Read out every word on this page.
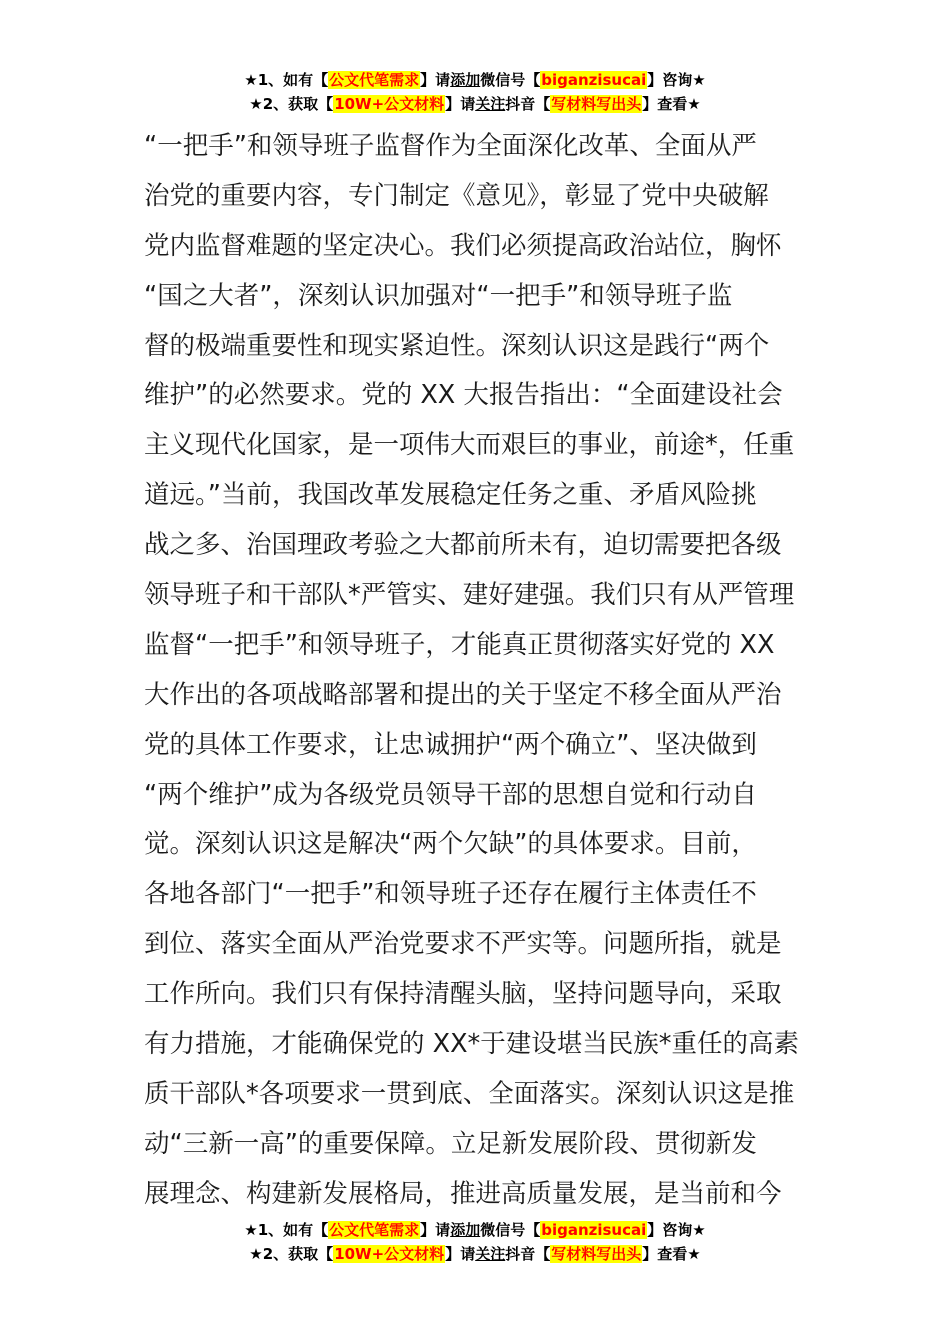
★1、如有【公文代笔需求】请添加微信号【biganzisucai】咨询★
★2、获取【10W+公文材料】请关注抖音【写材料写出头】查看★
“一把手”和领导班子监督作为全面深化改革、全面从严
治党的重要内容，专门制定《意见》，彰显了党中央破解
党内监督难题的坚定决心。我们必须提高政治站位，胸怀
“国之大者”，深刻认识加强对“一把手”和领导班子监
督的极端重要性和现实紧迫性。深刻认识这是践行“两个
维护”的必然要求。党的 XX 大报告指出：“全面建设社会
主义现代化国家，是一项伟大而艰巨的事业，前途*，任重
道远。”当前，我国改革发展稳定任务之重、矛盾风险挑
战之多、治国理政考验之大都前所未有，迫切需要把各级
领导班子和干部队*严管实、建好建强。我们只有从严管理
监督“一把手”和领导班子，才能真正贯彻落实好党的 XX
大作出的各项战略部署和提出的关于坚定不移全面从严治
党的具体工作要求，让忠诚拥护“两个确立”、坚决做到
“两个维护”成为各级党员领导干部的思想自觉和行动自
觉。深刻认识这是解决“两个欠缺”的具体要求。目前，
各地各部门“一把手”和领导班子还存在履行主体责任不
到位、落实全面从严治党要求不严实等。问题所指，就是
工作所向。我们只有保持清醒头脑，坚持问题导向，采取
有力措施，才能确保党的 XX*于建设堪当民族*重任的高素
质干部队*各项要求一贯到底、全面落实。深刻认识这是推
动“三新一高”的重要保障。立足新发展阶段、贯彻新发
展理念、构建新发展格局，推进高质量发展，是当前和今
★1、如有【公文代笔需求】请添加微信号【biganzisucai】咨询★
★2、获取【10W+公文材料】请关注抖音【写材料写出头】查看★
